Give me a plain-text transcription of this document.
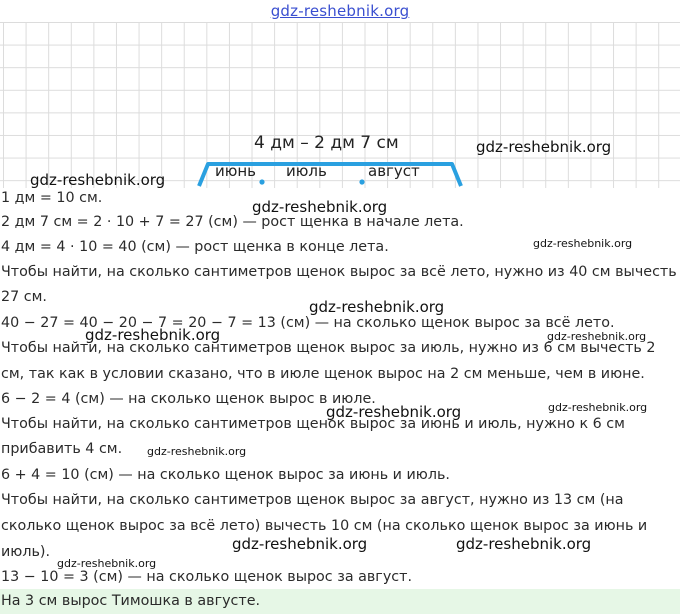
gdz-reshebnik.org
4 дм – 2 дм 7 см
июнь июль	август
1 дм = 10 см.
2 дм 7 см = 2 · 10 + 7 = 27 (см) — рост щенка в начале лета.
4 дм = 4 · 10 = 40 (см) — рост щенка в конце лета.
Чтобы найти, на сколько сантиметров щенок вырос за всё лето, нужно из 40 см вычесть
27 см.
40 − 27 = 40 − 20 − 7 = 20 − 7 = 13 (см) — на сколько щенок вырос за всё лето.
Чтобы найти, на сколько сантиметров щенок вырос за июль, нужно из 6 см вычесть 2
см, так как в условии сказано, что в июле щенок вырос на 2 см меньше, чем в июне.
6 − 2 = 4 (см) — на сколько щенок вырос в июле.
Чтобы найти, на сколько сантиметров щенок вырос за июнь и июль, нужно к 6 см
прибавить 4 см.
6 + 4 = 10 (см) — на сколько щенок вырос за июнь и июль.
Чтобы найти, на сколько сантиметров щенок вырос за август, нужно из 13 см (на
сколько щенок вырос за всё лето) вычесть 10 см (на сколько щенок вырос за июнь и
июль).
13 − 10 = 3 (см) — на сколько щенок вырос за август.
На 3 см вырос Тимошка в августе.
gdz-reshebnik.org
gdz-reshebnik.org
gdz-reshebnik.org
gdz-reshebnik.org
gdz-reshebnik.org
gdz-reshebnik.org	gdz-reshebnik.org
gdz-reshebnik.org
gdz-reshebnik.org
gdz-reshebnik.org
gdz-reshebnik.org	gdz-reshebnik.org
gdz-reshebnik.org
